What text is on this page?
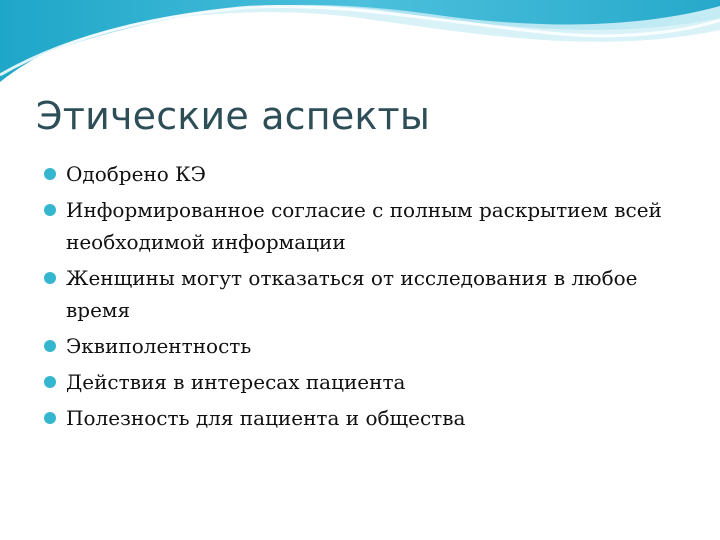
Этические аспекты
Одобрено КЭ
Информированное согласие с полным раскрытием всей необходимой информации
Женщины могут отказаться от исследования в любое время
Эквиполентность
Действия в интересах пациента
Полезность для пациента и общества
